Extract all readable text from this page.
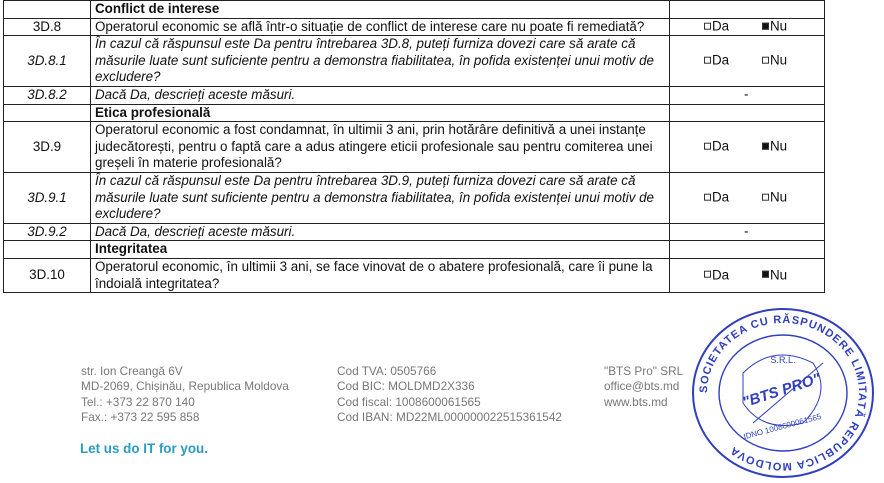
	Conflict de interese	
3D.8	Operatorul economic se află într-o situație de conflict de interese care nu poate fi remediată?	Da Nu

3D.8.1	În cazul că răspunsul este Da pentru întrebarea 3D.8, puteți furniza dovezi care să arate că măsurile luate sunt suficiente pentru a demonstra fiabilitatea, în pofida existenței unui motiv de excludere?	Da Nu

3D.8.2	Dacă Da, descrieți aceste măsuri.	-

	Etica profesională	
3D.9	Operatorul economic a fost condamnat, în ultimii 3 ani, prin hotărâre definitivă a unei instanțe judecătorești, pentru o faptă care a adus atingere eticii profesionale sau pentru comiterea unei greșeli în materie profesională?	Da Nu

3D.9.1	În cazul că răspunsul este Da pentru întrebarea 3D.9, puteți furniza dovezi care să arate că măsurile luate sunt suficiente pentru a demonstra fiabilitatea, în pofida existenței unui motiv de excludere?	Da Nu

3D.9.2	Dacă Da, descrieți aceste măsuri.	-

	Integritatea	
3D.10	Operatorul economic, în ultimii 3 ani, se face vinovat de o abatere profesională, care îi pune la îndoială integritatea?	Da Nu
str. Ion Creangă 6V
MD-2069, Chișinău, Republica Moldova
Tel.: +373 22 870 140
Fax.: +373 22 595 858
Cod TVA: 0505766
Cod BIC: MOLDMD2X336
Cod fiscal: 1008600061565
Cod IBAN: MD22ML000000022515361542
"BTS Pro" SRL
office@bts.md
www.bts.md
Let us do IT for you.
SOCIETATEA CU RĂSPUNDERE LIMITATĂ REPUBLICA MOLDOVA
S.R.L.
"BTS PRO"
IDNO 1008600061565
